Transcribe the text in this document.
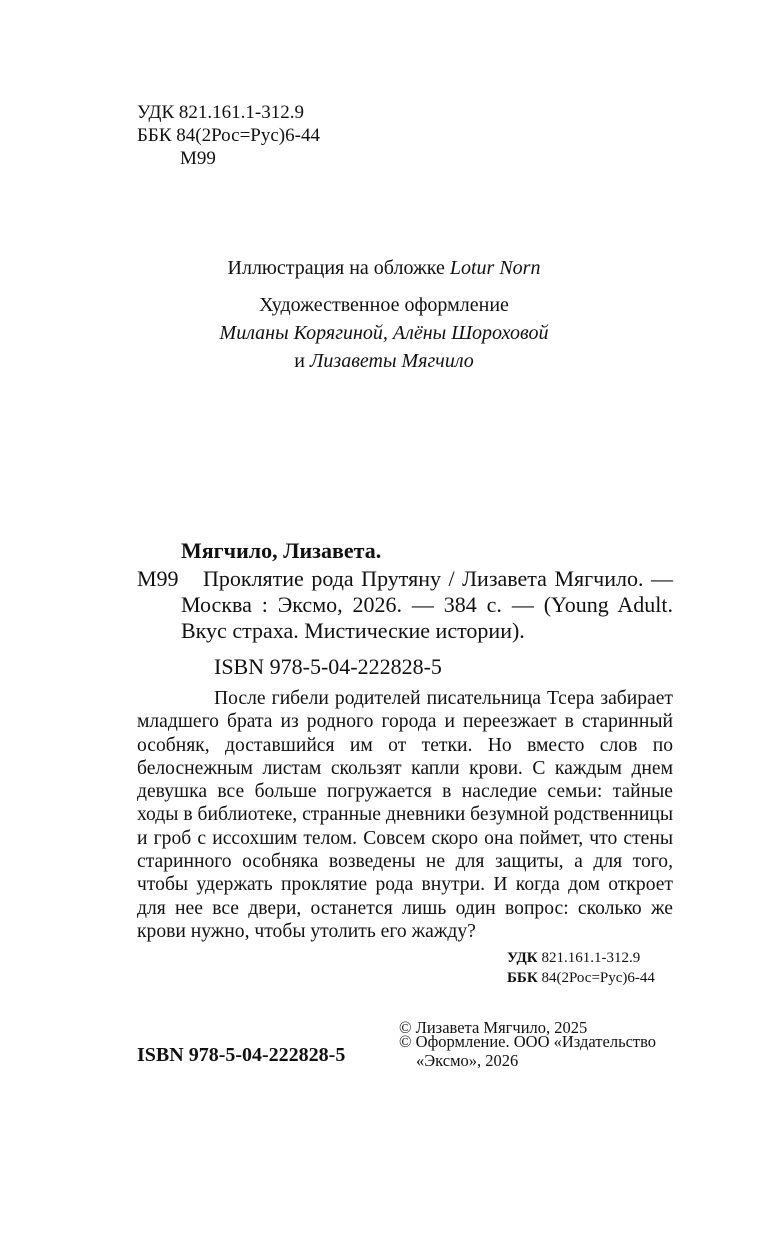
УДК 821.161.1-312.9
ББК 84(2Рос=Рус)6-44
М99
Иллюстрация на обложке Lotur Norn
Художественное оформление
Миланы Корягиной, Алёны Шороховой
и Лизаветы Мягчило
Мягчило, Лизавета.
М99	Проклятие рода Прутяну / Лизавета Мягчило. — Москва : Эксмо, 2026. — 384 с. — (Young Adult. Вкус страха. Мистические истории).
ISBN 978-5-04-222828-5
После гибели родителей писательница Тсера забирает младшего брата из родного города и переезжает в старинный особняк, доставшийся им от тетки. Но вместо слов по белоснежным листам скользят капли крови. С каждым днем девушка все больше погружается в наследие семьи: тайные ходы в библиотеке, странные дневники безумной родственницы и гроб с иссохшим телом. Совсем скоро она поймет, что стены старинного особняка возведены не для защиты, а для того, чтобы удержать проклятие рода внутри. И когда дом откроет для нее все двери, останется лишь один вопрос: сколько же крови нужно, чтобы утолить его жажду?
УДК 821.161.1-312.9
ББК 84(2Рос=Рус)6-44
© Лизавета Мягчило, 2025
© Оформление. ООО «Издательство
«Эксмо», 2026
ISBN 978-5-04-222828-5
